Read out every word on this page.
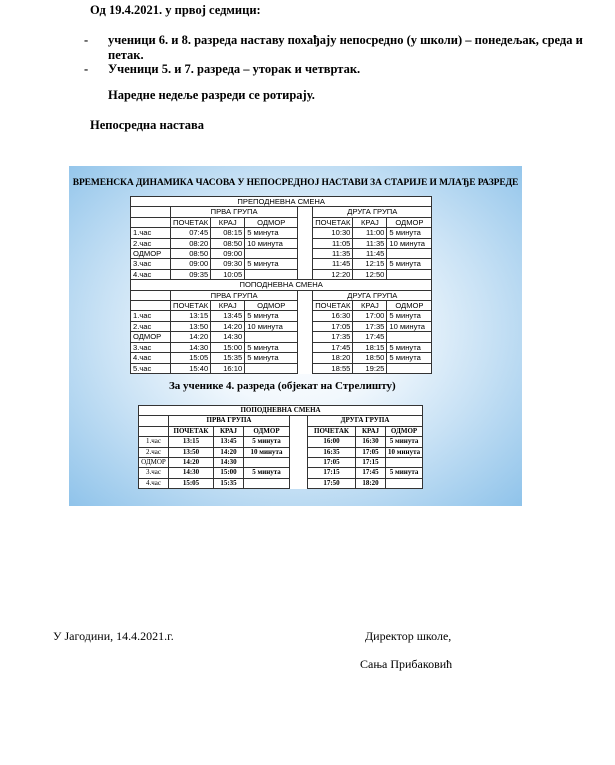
Од 19.4.2021. у првој седмици:
-	ученици 6. и 8. разреда наставу похађају непосредно (у школи) – понедељак, среда и петак.
-	Ученици 5. и 7. разреда – уторак и четвртак.
Наредне недеље разреди се ротирају.
Непосредна настава
ВРЕМЕНСКА ДИНАМИКА ЧАСОВА У НЕПОСРЕДНОЈ НАСТАВИ ЗА СТАРИЈЕ И МЛАЂЕ РАЗРЕДЕ
ПРЕПОДНЕВНА СМЕНА							
	ПРВА ГРУПА				ДРУГА ГРУПА		
	ПОЧЕТАК	КРАЈ	ОДМОР		ПОЧЕТАК	КРАЈ	ОДМОР
1.час	07:45	08:15	5 минута		10:30	11:00	5 минута
2.час	08:20	08:50	10 минута		11:05	11:35	10 минута
ОДМОР	08:50	09:00			11:35	11:45	
3.час	09:00	09:30	5 минута		11:45	12:15	5 минута
4.час	09:35	10:05			12:20	12:50	
ПОПОДНЕВНА СМЕНА							
	ПРВА ГРУПА				ДРУГА ГРУПА		
	ПОЧЕТАК	КРАЈ	ОДМОР		ПОЧЕТАК	КРАЈ	ОДМОР
1.час	13:15	13:45	5 минута		16:30	17:00	5 минута
2.час	13:50	14:20	10 минута		17:05	17:35	10 минута
ОДМОР	14:20	14:30			17:35	17:45	
3.час	14:30	15:00	5 минута		17:45	18:15	5 минута
4.час	15:05	15:35	5 минута		18:20	18:50	5 минута
5.час	15:40	16:10			18:55	19:25	
За ученике 4. разреда (објекат на Стрелишту)
ПОПОДНЕВНА СМЕНА							
	ПРВА ГРУПА				ДРУГА ГРУПА		
	ПОЧЕТАК	КРАЈ	ОДМОР		ПОЧЕТАК	КРАЈ	ОДМОР
1.час	13:15	13:45	5 минута		16:00	16:30	5 минута
2.час	13:50	14:20	10 минута		16:35	17:05	10 минута
ОДМОР	14:20	14:30			17:05	17:15	
3.час	14:30	15:00	5 минута		17:15	17:45	5 минута
4.час	15:05	15:35			17:50	18:20	
У Јагодини, 14.4.2021.г.	Директор школе,
Сања Прибаковић
